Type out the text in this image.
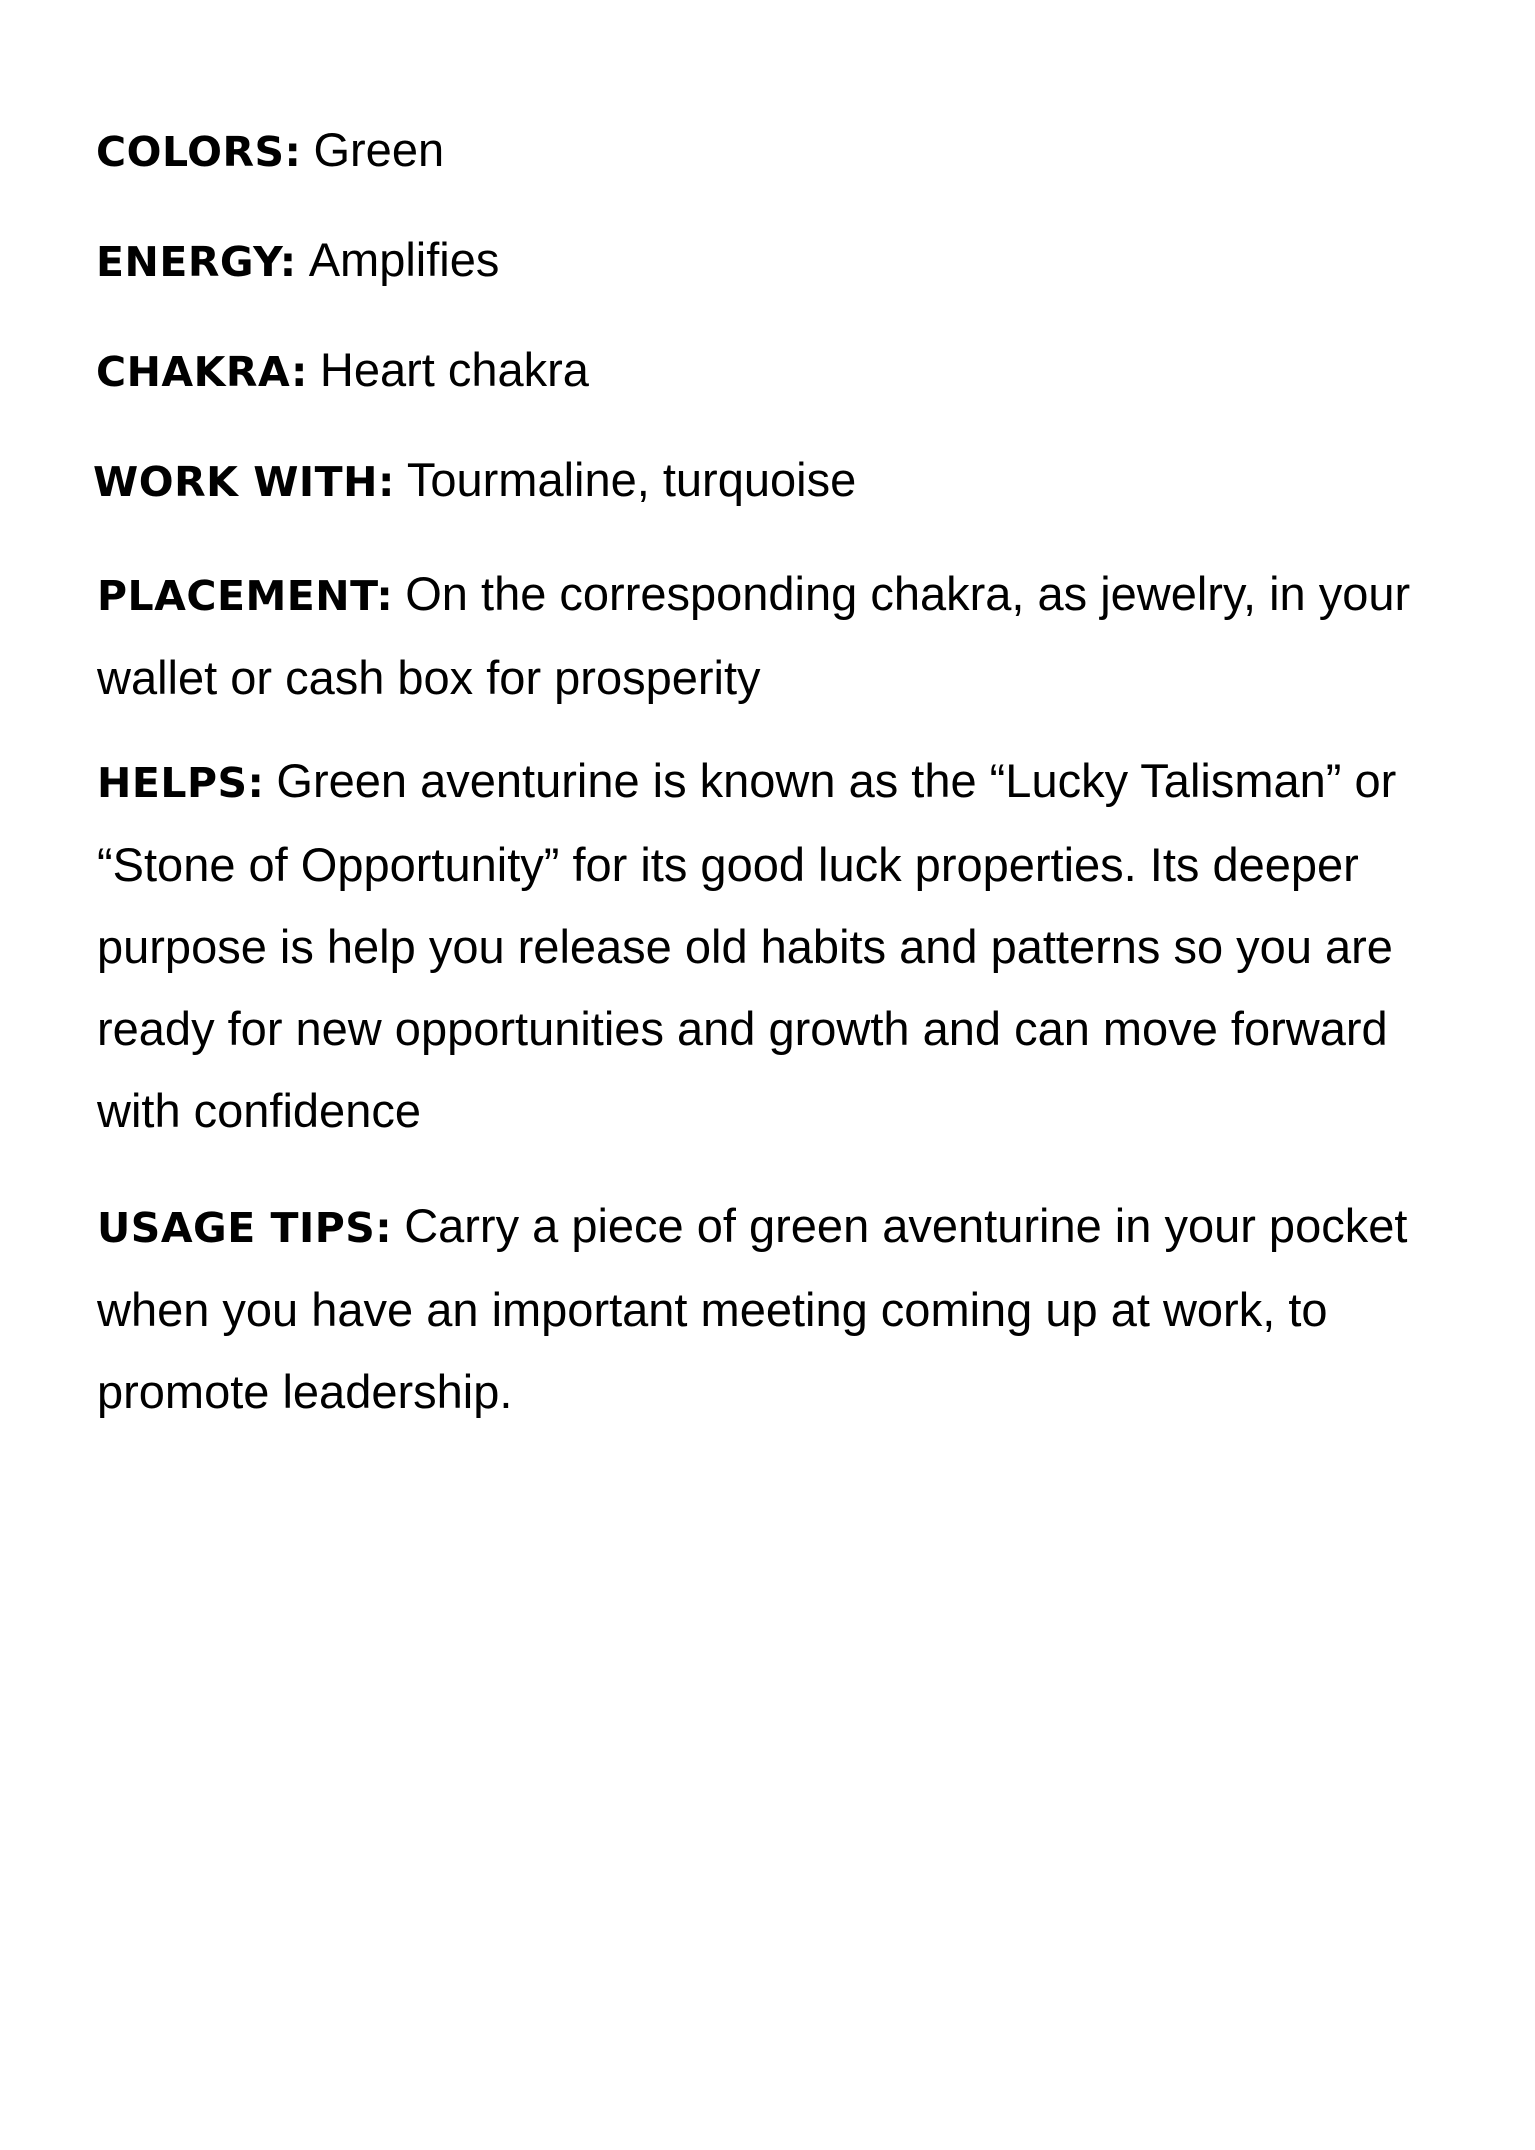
COLORS: Green
ENERGY: Amplifies
CHAKRA: Heart chakra
WORK WITH: Tourmaline, turquoise
PLACEMENT: On the corresponding chakra, as jewelry, in your wallet or cash box for prosperity
HELPS: Green aventurine is known as the “Lucky Talisman” or “Stone of Opportunity” for its good luck properties. Its deeper purpose is help you release old habits and patterns so you are ready for new opportunities and growth and can move forward with confidence
USAGE TIPS: Carry a piece of green aventurine in your pocket when you have an important meeting coming up at work, to promote leadership.
